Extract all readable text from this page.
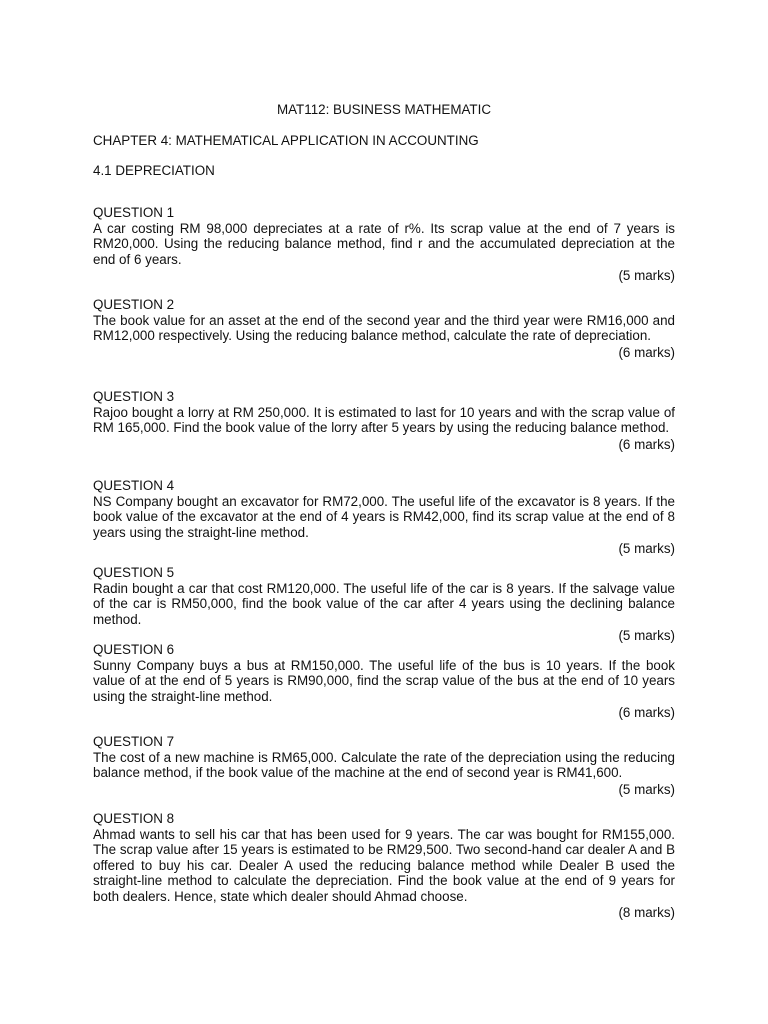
MAT112: BUSINESS MATHEMATIC
CHAPTER 4: MATHEMATICAL APPLICATION IN ACCOUNTING
4.1 DEPRECIATION
QUESTION 1
A car costing RM 98,000 depreciates at a rate of r%. Its scrap value at the end of 7 years is RM20,000. Using the reducing balance method, find r and the accumulated depreciation at the end of 6 years.
(5 marks)
QUESTION 2
The book value for an asset at the end of the second year and the third year were RM16,000 and RM12,000 respectively. Using the reducing balance method, calculate the rate of depreciation.
(6 marks)
QUESTION 3
Rajoo bought a lorry at RM 250,000. It is estimated to last for 10 years and with the scrap value of RM 165,000. Find the book value of the lorry after 5 years by using the reducing balance method.
(6 marks)
QUESTION 4
NS Company bought an excavator for RM72,000. The useful life of the excavator is 8 years. If the book value of the excavator at the end of 4 years is RM42,000, find its scrap value at the end of 8 years using the straight-line method.
(5 marks)
QUESTION 5
Radin bought a car that cost RM120,000. The useful life of the car is 8 years. If the salvage value of the car is RM50,000, find the book value of the car after 4 years using the declining balance method.
(5 marks)
QUESTION 6
Sunny Company buys a bus at RM150,000. The useful life of the bus is 10 years. If the book value of at the end of 5 years is RM90,000, find the scrap value of the bus at the end of 10 years using the straight-line method.
(6 marks)
QUESTION 7
The cost of a new machine is RM65,000. Calculate the rate of the depreciation using the reducing balance method, if the book value of the machine at the end of second year is RM41,600.
(5 marks)
QUESTION 8
Ahmad wants to sell his car that has been used for 9 years. The car was bought for RM155,000. The scrap value after 15 years is estimated to be RM29,500. Two second-hand car dealer A and B offered to buy his car. Dealer A used the reducing balance method while Dealer B used the straight-line method to calculate the depreciation. Find the book value at the end of 9 years for both dealers. Hence, state which dealer should Ahmad choose.
(8 marks)
